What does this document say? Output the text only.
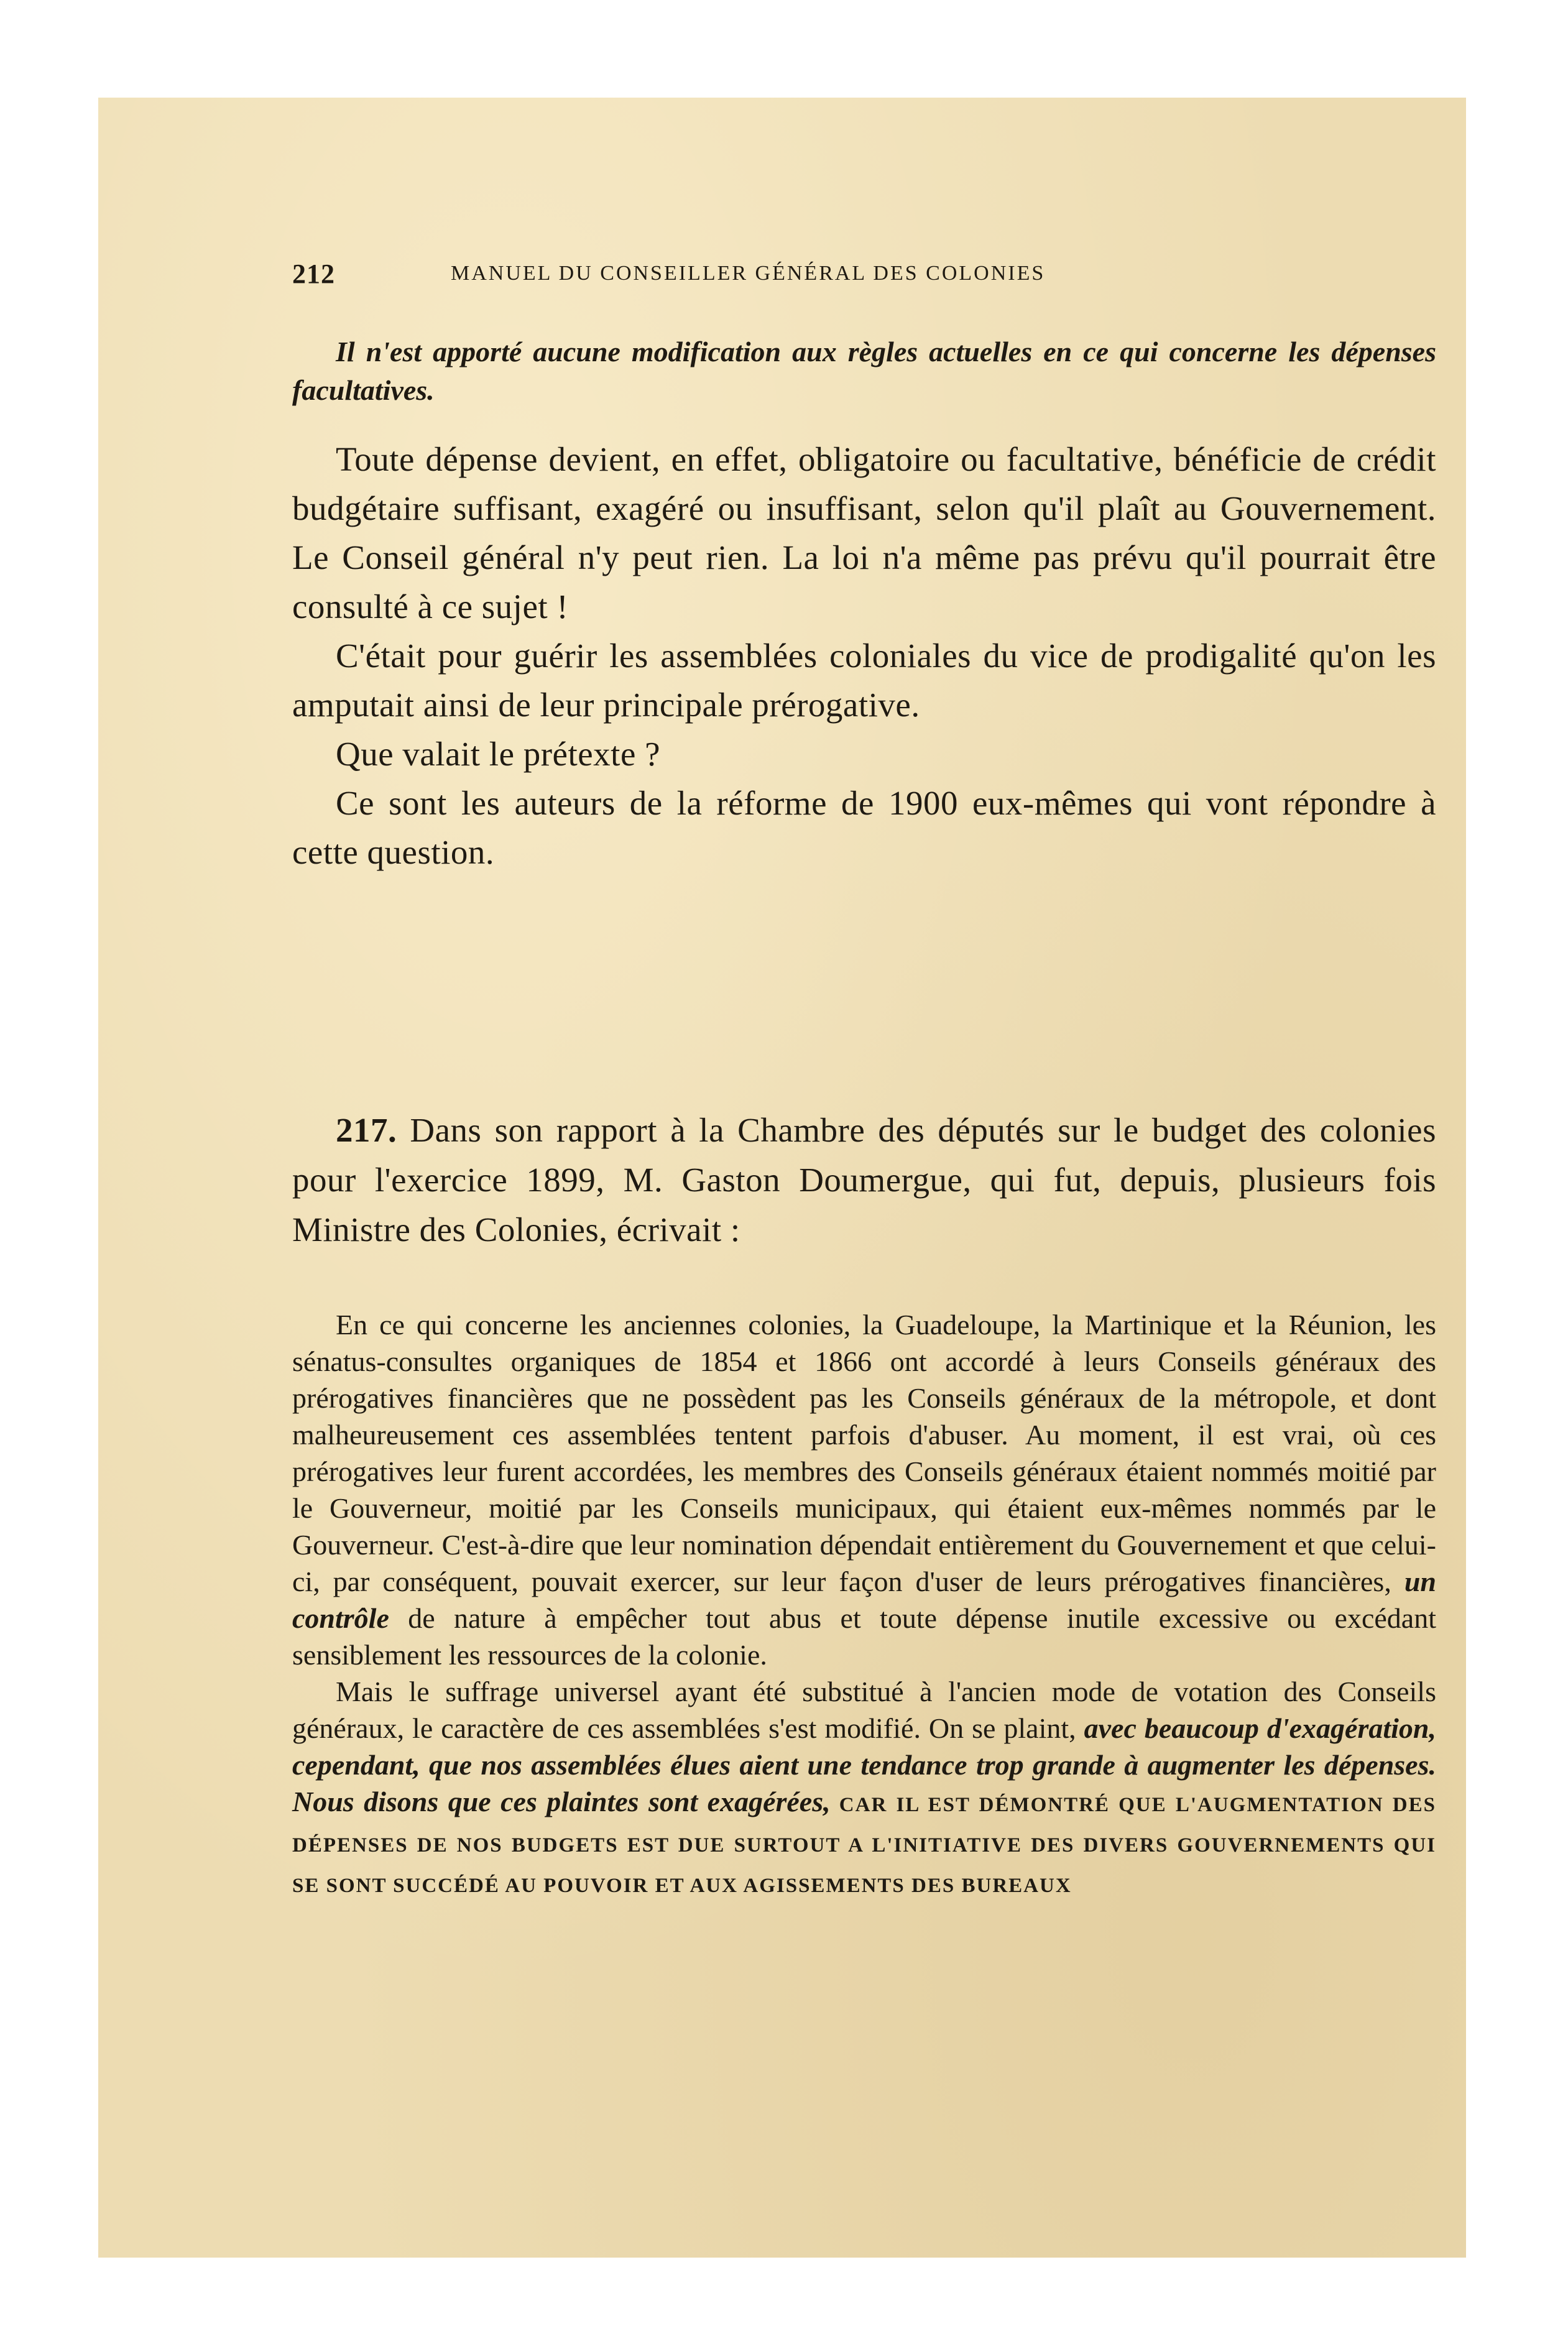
212	MANUEL DU CONSEILLER GÉNÉRAL DES COLONIES
Il n'est apporté aucune modification aux règles actuelles en ce qui concerne les dépenses facultatives.

Toute dépense devient, en effet, obligatoire ou facultative, bénéficie de crédit budgétaire suffisant, exagéré ou insuffisant, selon qu'il plaît au Gouvernement. Le Conseil général n'y peut rien. La loi n'a même pas prévu qu'il pourrait être consulté à ce sujet !

C'était pour guérir les assemblées coloniales du vice de prodigalité qu'on les amputait ainsi de leur principale prérogative.

Que valait le prétexte ?

Ce sont les auteurs de la réforme de 1900 eux-mêmes qui vont répondre à cette question.

217. Dans son rapport à la Chambre des députés sur le budget des colonies pour l'exercice 1899, M. Gaston Doumergue, qui fut, depuis, plusieurs fois Ministre des Colonies, écrivait :

En ce qui concerne les anciennes colonies, la Guadeloupe, la Martinique et la Réunion, les sénatus-consultes organiques de 1854 et 1866 ont accordé à leurs Conseils généraux des prérogatives financières que ne possèdent pas les Conseils généraux de la métropole, et dont malheureusement ces assemblées tentent parfois d'abuser. Au moment, il est vrai, où ces prérogatives leur furent accordées, les membres des Conseils généraux étaient nommés moitié par le Gouverneur, moitié par les Conseils municipaux, qui étaient eux-mêmes nommés par le Gouverneur. C'est-à-dire que leur nomination dépendait entièrement du Gouvernement et que celui-ci, par conséquent, pouvait exercer, sur leur façon d'user de leurs prérogatives financières, un contrôle de nature à empêcher tout abus et toute dépense inutile excessive ou excédant sensiblement les ressources de la colonie.

Mais le suffrage universel ayant été substitué à l'ancien mode de votation des Conseils généraux, le caractère de ces assemblées s'est modifié. On se plaint, avec beaucoup d'exagération, cependant, que nos assemblées élues aient une tendance trop grande à augmenter les dépenses. Nous disons que ces plaintes sont exagérées, CAR IL EST DÉMONTRÉ QUE L'AUGMENTATION DES DÉPENSES DE NOS BUDGETS EST DUE SURTOUT A L'INITIATIVE DES DIVERS GOUVERNEMENTS QUI SE SONT SUCCÉDÉ AU POUVOIR ET AUX AGISSEMENTS DES BUREAUX
